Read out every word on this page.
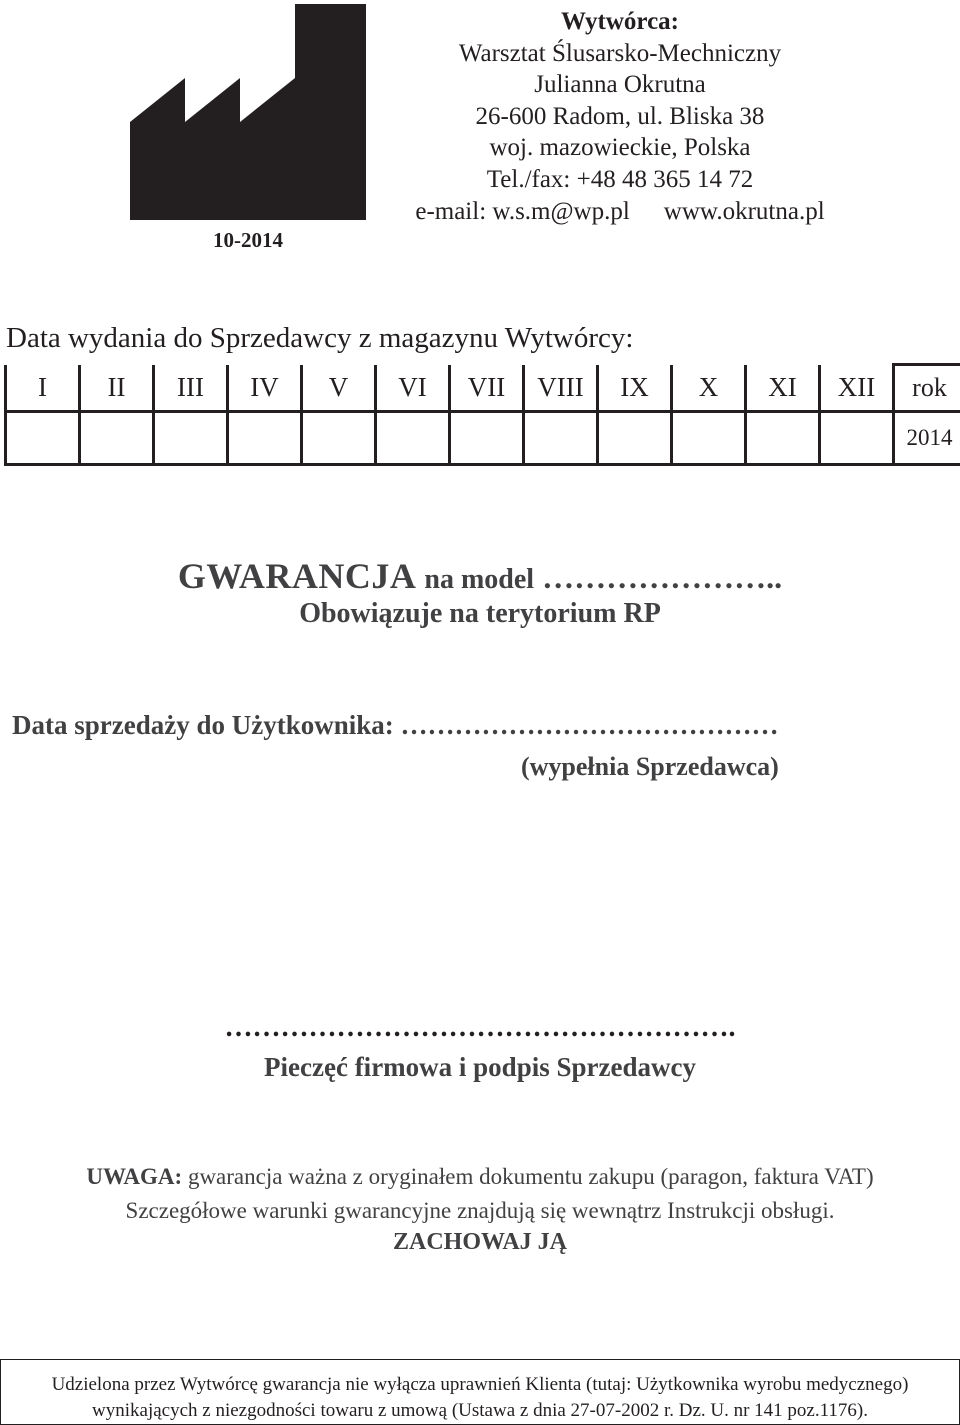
10-2014
Wytwórca:
Warsztat Ślusarsko-Mechniczny
Julianna Okrutna
26-600 Radom, ul. Bliska 38
woj. mazowieckie, Polska
Tel./fax: +48 48 365 14 72
e-mail: w.s.m@wp.pl www.okrutna.pl
Data wydania do Sprzedawcy z magazynu Wytwórcy:
I	II	III	IV	V	VI	VII	VIII	IX	X	XI	XII	rok
												2014
GWARANCJA na model …………………..
Obowiązuje na terytorium RP
Data sprzedaży do Użytkownika: ……………………………………
(wypełnia Sprzedawca)
……………………………………………….
Pieczęć firmowa i podpis Sprzedawcy
UWAGA: gwarancja ważna z oryginałem dokumentu zakupu (paragon, faktura VAT)
Szczegółowe warunki gwarancyjne znajdują się wewnątrz Instrukcji obsługi.
ZACHOWAJ JĄ
Udzielona przez Wytwórcę gwarancja nie wyłącza uprawnień Klienta (tutaj: Użytkownika wyrobu medycznego)
wynikających z niezgodności towaru z umową (Ustawa z dnia 27-07-2002 r. Dz. U. nr 141 poz.1176).
